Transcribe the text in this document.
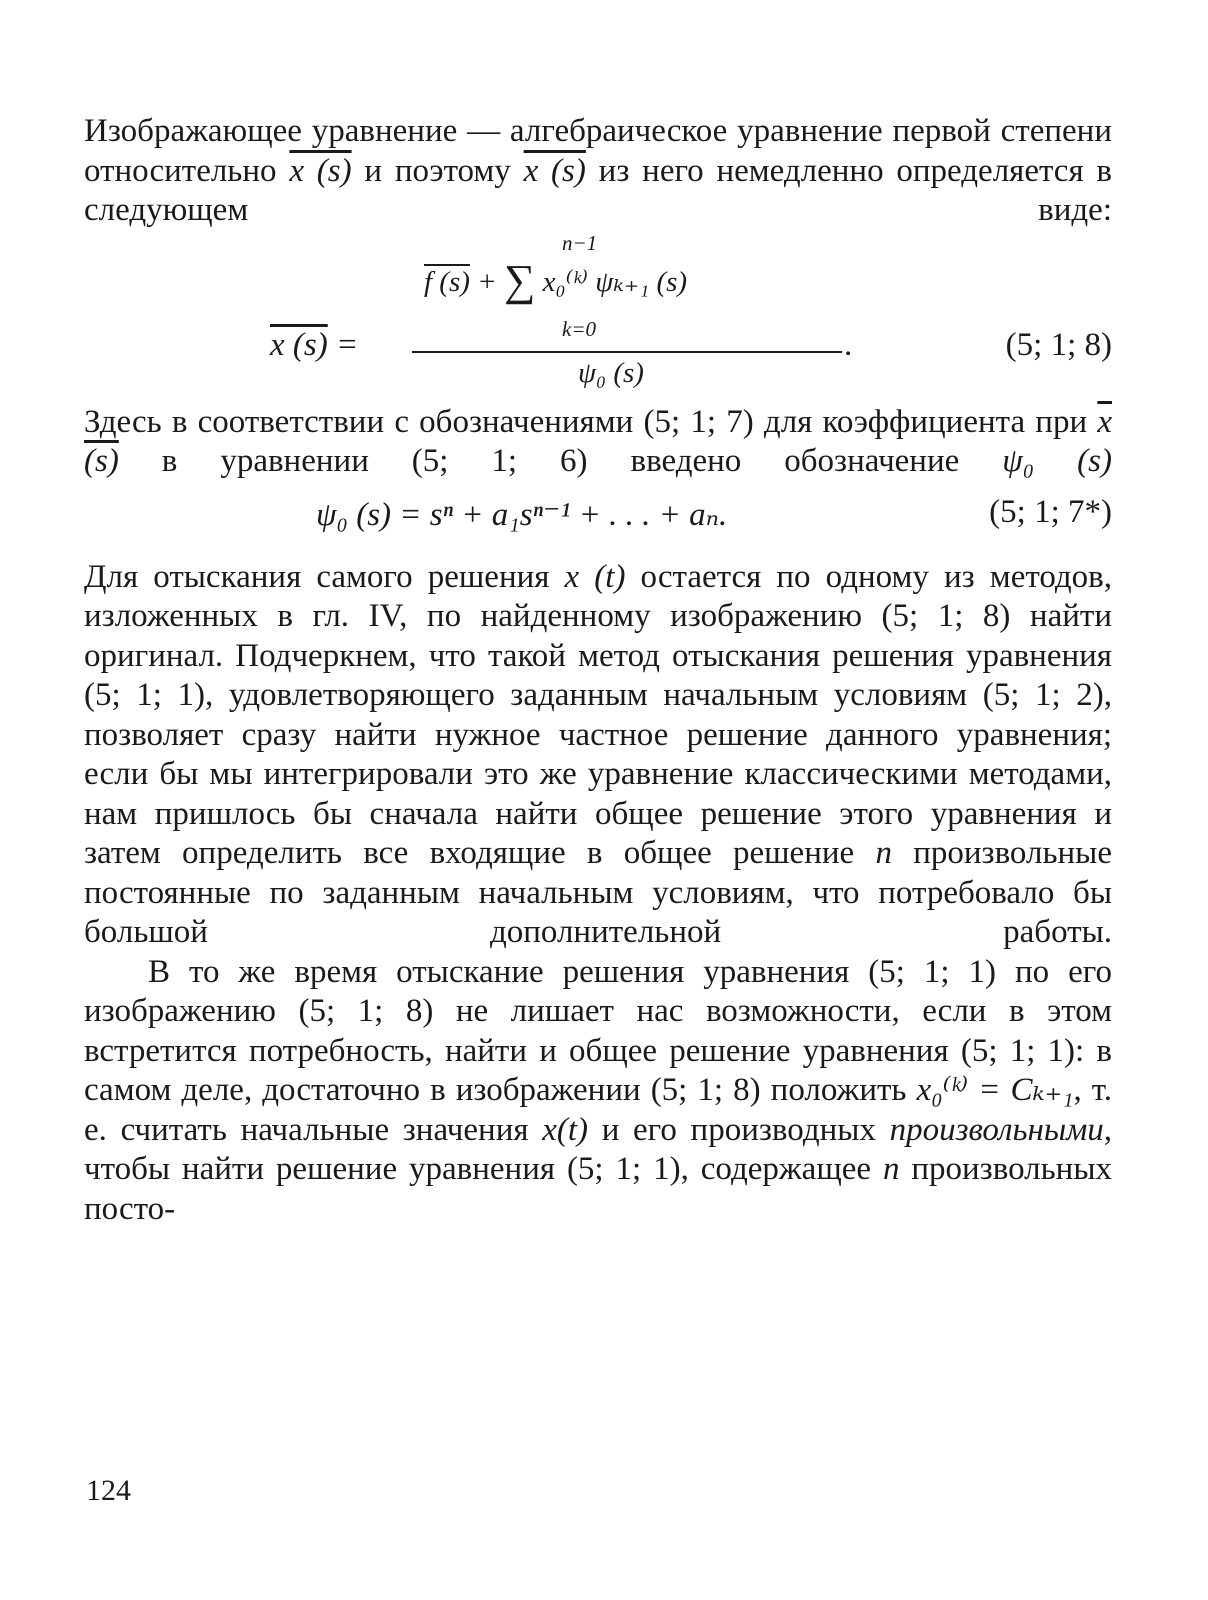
Изображающее уравнение — алгебраическое уравнение первой степени относительно x (s) и поэтому x (s) из него немедленно определяется в следующем виде:

n−1
f (s) + ∑ x₀⁽ᵏ⁾ ψₖ₊₁ (s)
k=0
x (s) =	.
ψ₀ (s)
(5; 1; 8)

Здесь в соответствии с обозначениями (5; 1; 7) для коэффициента при x (s) в уравнении (5; 1; 6) введено обозначение ψ₀ (s)

ψ₀ (s) = sⁿ + a₁sⁿ⁻¹ + . . . + aₙ.	(5; 1; 7*)

Для отыскания самого решения x (t) остается по одному из методов, изложенных в гл. IV, по найденному изображению (5; 1; 8) найти оригинал. Подчеркнем, что такой метод отыскания решения уравнения (5; 1; 1), удовлетворяющего заданным начальным условиям (5; 1; 2), позволяет сразу найти нужное частное решение данного уравнения; если бы мы интегрировали это же уравнение классическими методами, нам пришлось бы сначала найти общее решение этого уравнения и затем определить все входящие в общее решение n произвольные постоянные по заданным начальным условиям, что потребовало бы большой дополнительной работы.

В то же время отыскание решения уравнения (5; 1; 1) по его изображению (5; 1; 8) не лишает нас возможности, если в этом встретится потребность, найти и общее решение уравнения (5; 1; 1): в самом деле, достаточно в изображении (5; 1; 8) положить x₀⁽ᵏ⁾ = Cₖ₊₁, т. е. считать начальные значения x(t) и его производных произвольными, чтобы найти решение уравнения (5; 1; 1), содержащее n произвольных посто-

124
